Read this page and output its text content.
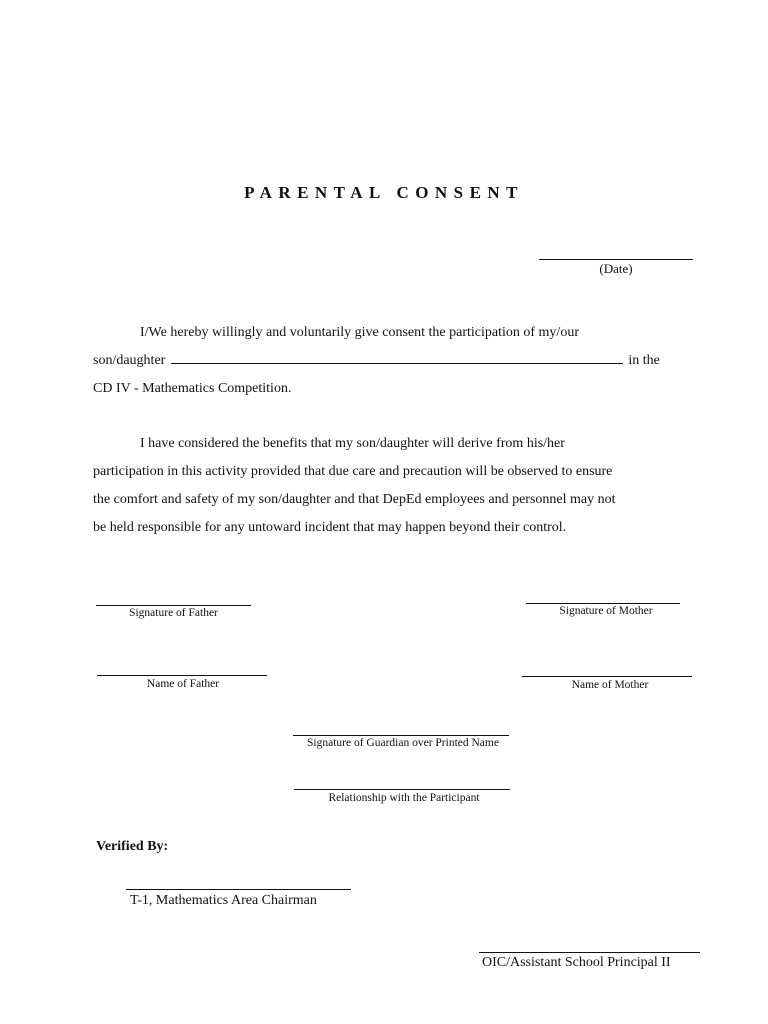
PARENTAL CONSENT
(Date)
I/We hereby willingly and voluntarily give consent the participation of my/our
son/daughter	in the
CD IV - Mathematics Competition.
I have considered the benefits that my son/daughter will derive from his/her
participation in this activity provided that due care and precaution will be observed to ensure
the comfort and safety of my son/daughter and that DepEd employees and personnel may not
be held responsible for any untoward incident that may happen beyond their control.
Signature of Father	Signature of Mother
Name of Father	Name of Mother
Signature of Guardian over Printed Name
Relationship with the Participant
Verified By:
T-1, Mathematics Area Chairman
OIC/Assistant School Principal II
